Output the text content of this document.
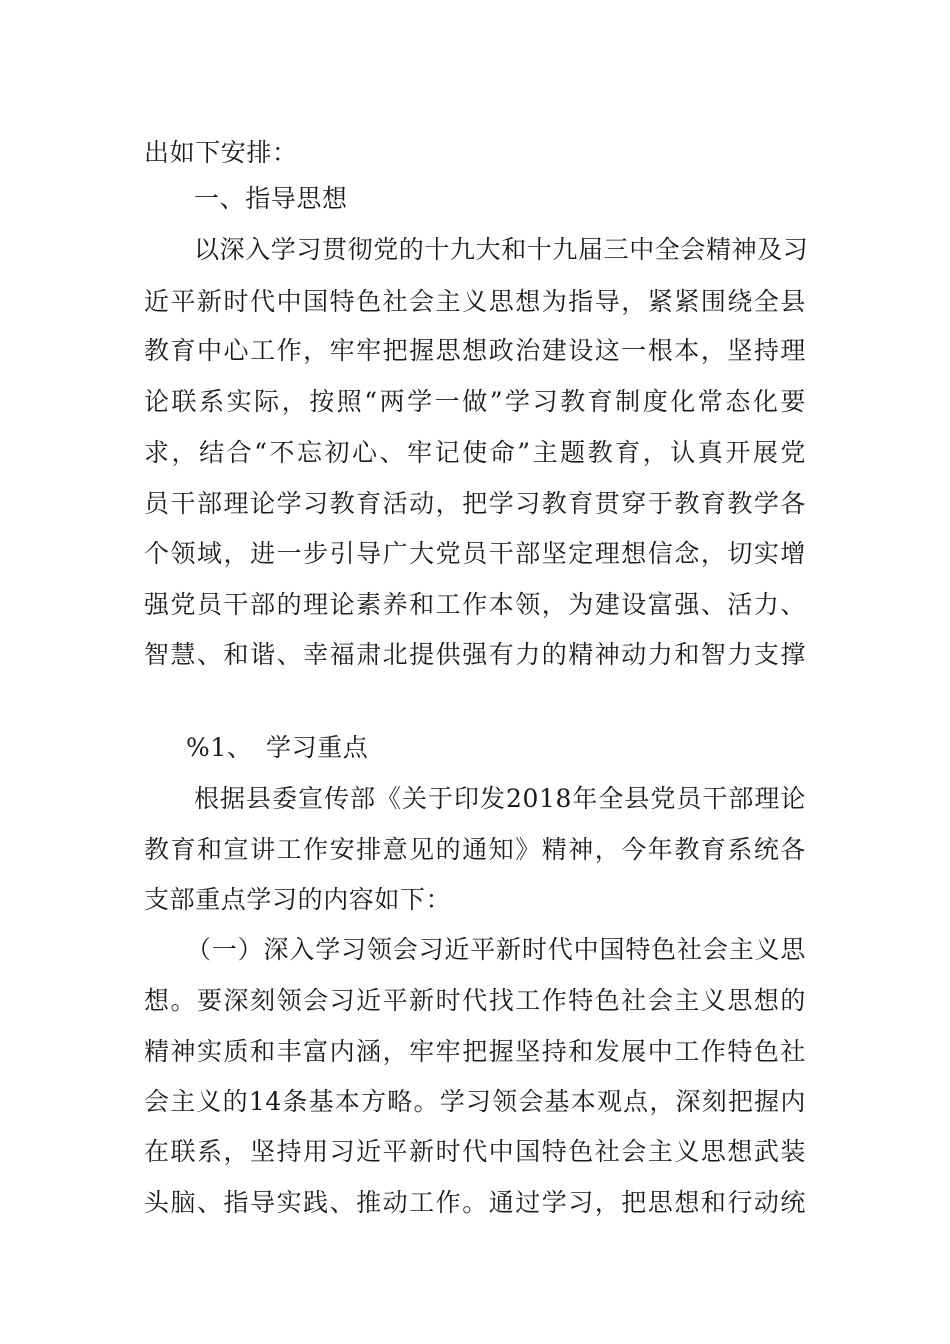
出如下安排：
一、指导思想
以深入学习贯彻党的十九大和十九届三中全会精神及习
近平新时代中国特色社会主义思想为指导，紧紧围绕全县
教育中心工作，牢牢把握思想政治建设这一根本，坚持理
论联系实际，按照“两学一做”学习教育制度化常态化要
求，结合“不忘初心、牢记使命”主题教育，认真开展党
员干部理论学习教育活动，把学习教育贯穿于教育教学各
个领域，进一步引导广大党员干部坚定理想信念，切实增
强党员干部的理论素养和工作本领，为建设富强、活力、
智慧、和谐、幸福肃北提供强有力的精神动力和智力支撑
%1、 学习重点
根据县委宣传部《关于印发2018年全县党员干部理论
教育和宣讲工作安排意见的通知》精神，今年教育系统各
支部重点学习的内容如下：
（一）深入学习领会习近平新时代中国特色社会主义思
想。要深刻领会习近平新时代找工作特色社会主义思想的
精神实质和丰富内涵，牢牢把握坚持和发展中工作特色社
会主义的14条基本方略。学习领会基本观点，深刻把握内
在联系，坚持用习近平新时代中国特色社会主义思想武装
头脑、指导实践、推动工作。通过学习，把思想和行动统
